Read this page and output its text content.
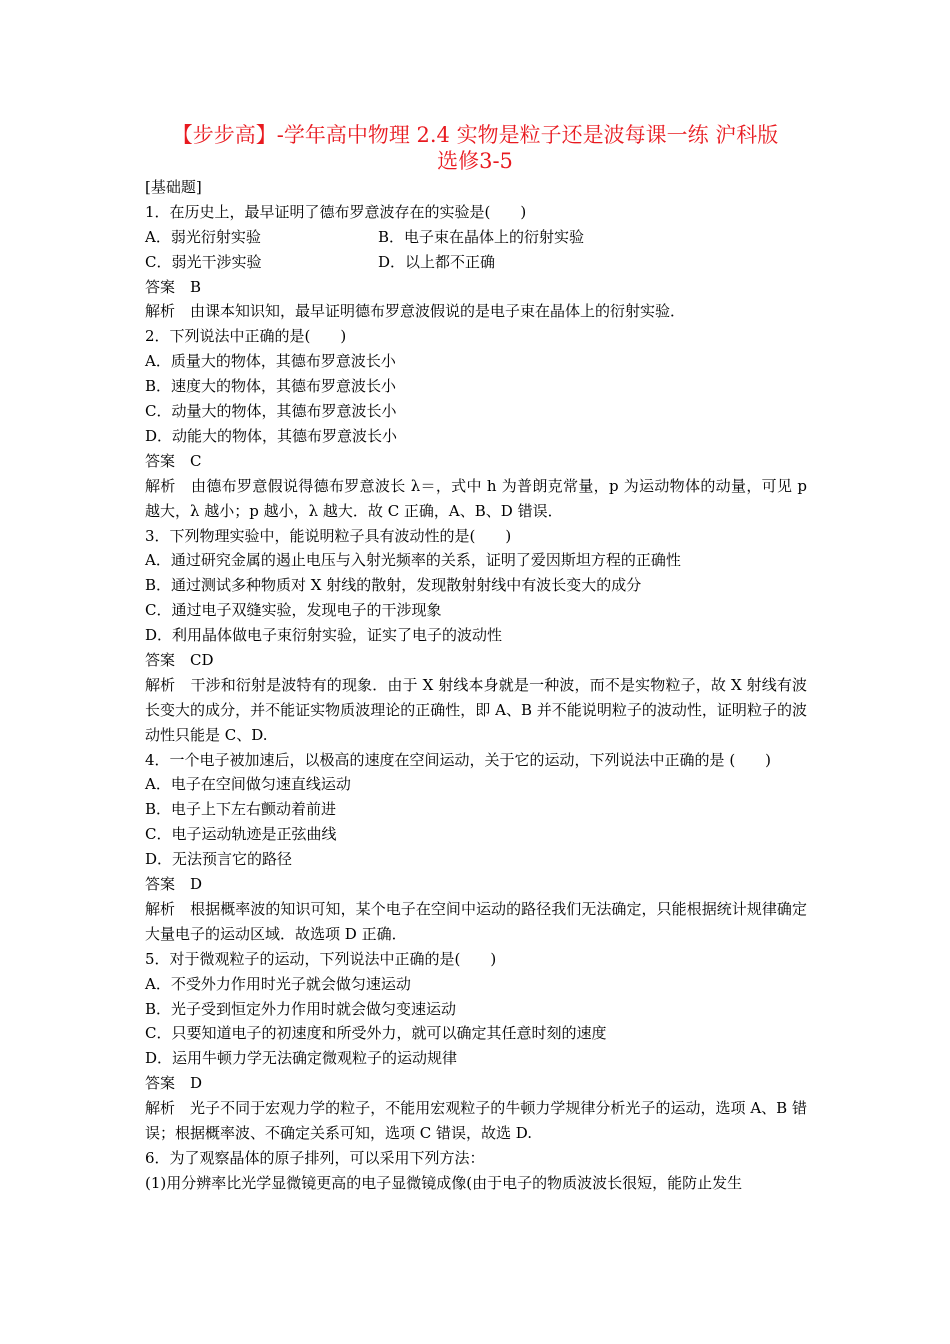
【步步高】-学年高中物理 2.4 实物是粒子还是波每课一练 沪科版
选修3-5
[基础题]
1．在历史上，最早证明了德布罗意波存在的实验是(　　)
A．弱光衍射实验	B．电子束在晶体上的衍射实验
C．弱光干涉实验	D．以上都不正确
答案 B
解析 由课本知识知，最早证明德布罗意波假说的是电子束在晶体上的衍射实验．
2．下列说法中正确的是(　　)
A．质量大的物体，其德布罗意波长小
B．速度大的物体，其德布罗意波长小
C．动量大的物体，其德布罗意波长小
D．动能大的物体，其德布罗意波长小
答案 C
解析 由德布罗意假说得德布罗意波长 λ＝，式中 h 为普朗克常量，p 为运动物体的动量，可见 p 越大，λ 越小；p 越小，λ 越大．故 C 正确，A、B、D 错误．
3．下列物理实验中，能说明粒子具有波动性的是(　　)
A．通过研究金属的遏止电压与入射光频率的关系，证明了爱因斯坦方程的正确性
B．通过测试多种物质对 X 射线的散射，发现散射射线中有波长变大的成分
C．通过电子双缝实验，发现电子的干涉现象
D．利用晶体做电子束衍射实验，证实了电子的波动性
答案 CD
解析 干涉和衍射是波特有的现象．由于 X 射线本身就是一种波，而不是实物粒子，故 X 射线有波长变大的成分，并不能证实物质波理论的正确性，即 A、B 并不能说明粒子的波动性，证明粒子的波动性只能是 C、D.
4．一个电子被加速后，以极高的速度在空间运动，关于它的运动，下列说法中正确的是 (　　)
A．电子在空间做匀速直线运动
B．电子上下左右颤动着前进
C．电子运动轨迹是正弦曲线
D．无法预言它的路径
答案 D
解析 根据概率波的知识可知，某个电子在空间中运动的路径我们无法确定，只能根据统计规律确定大量电子的运动区域．故选项 D 正确．
5．对于微观粒子的运动，下列说法中正确的是(　　)
A．不受外力作用时光子就会做匀速运动
B．光子受到恒定外力作用时就会做匀变速运动
C．只要知道电子的初速度和所受外力，就可以确定其任意时刻的速度
D．运用牛顿力学无法确定微观粒子的运动规律
答案 D
解析 光子不同于宏观力学的粒子，不能用宏观粒子的牛顿力学规律分析光子的运动，选项 A、B 错误；根据概率波、不确定关系可知，选项 C 错误，故选 D.
6．为了观察晶体的原子排列，可以采用下列方法：
(1)用分辨率比光学显微镜更高的电子显微镜成像(由于电子的物质波波长很短，能防止发生
